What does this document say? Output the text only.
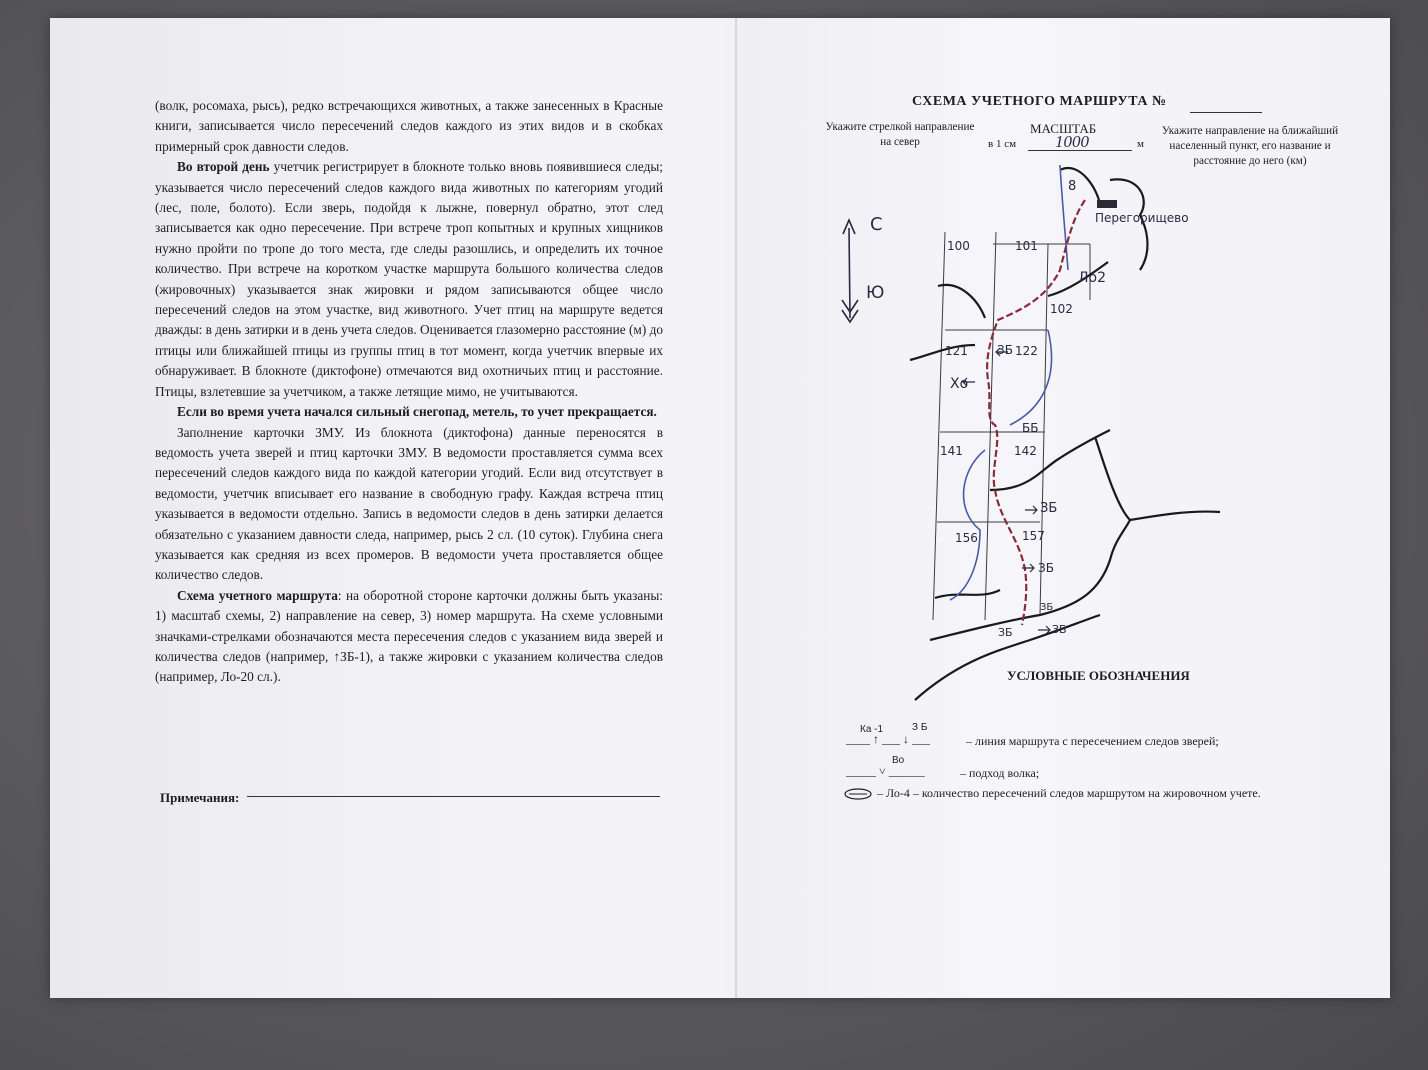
(волк, росомаха, рысь), редко встречающихся животных, а также занесенных в Красные книги, записывается число пересечений следов каждого из этих видов и в скобках примерный срок давности следов.

Во второй день учетчик регистрирует в блокноте только вновь появившиеся следы; указывается число пересечений следов каждого вида животных по категориям угодий (лес, поле, болото). Если зверь, подойдя к лыжне, повернул обратно, этот след записывается как одно пересечение. При встрече троп копытных и крупных хищников нужно пройти по тропе до того места, где следы разошлись, и определить их точное количество. При встрече на коротком участке маршрута большого количества следов (жировочных) указывается знак жировки и рядом записываются общее число пересечений следов на этом участке, вид животного. Учет птиц на маршруте ведется дважды: в день затирки и в день учета следов. Оценивается глазомерно расстояние (м) до птицы или ближайшей птицы из группы птиц в тот момент, когда учетчик впервые их обнаруживает. В блокноте (диктофоне) отмечаются вид охотничьих птиц и расстояние. Птицы, взлетевшие за учетчиком, а также летящие мимо, не учитываются.

Если во время учета начался сильный снегопад, метель, то учет прекращается.

Заполнение карточки ЗМУ. Из блокнота (диктофона) данные переносятся в ведомость учета зверей и птиц карточки ЗМУ. В ведомости проставляется сумма всех пересечений следов каждого вида по каждой категории угодий. Если вид отсутствует в ведомости, учетчик вписывает его название в свободную графу. Каждая встреча птиц указывается в ведомости отдельно. Запись в ведомости следов в день затирки делается обязательно с указанием давности следа, например, рысь 2 сл. (10 суток). Глубина снега указывается как средняя из всех промеров. В ведомости учета проставляется общее количество следов.

Схема учетного маршрута: на оборотной стороне карточки должны быть указаны: 1) масштаб схемы, 2) направление на север, 3) номер маршрута. На схеме условными значками-стрелками обозначаются места пересечения следов с указанием вида зверей и количества следов (например, ↑ЗБ-1), а также жировки с указанием количества следов (например, Ло-20 сл.).

Примечания:
СХЕМА УЧЕТНОГО МАРШРУТА №
Укажите стрелкой направление на север
МАСШТАБ
в 1 см 1000	м
Укажите направление на ближайший населенный пункт, его название и расстояние до него (км)
С
Ю
8
Перегорищево
100	101
102
121	122
141	142
156	157
Ло2
ЗБ
Хо
ББ
ЗБ
ЗБ
ЗБ
ЗБ
ЗБ
УСЛОВНЫЕ ОБОЗНАЧЕНИЯ
Ка -1	З Б
____ ↑ ___ ↓ ___	– линия маршрута с пересечением следов зверей;
Во
_____ ˅ ______	– подход волка;
– Ло-4 – количество пересечений следов маршрутом на жировочном учете.
